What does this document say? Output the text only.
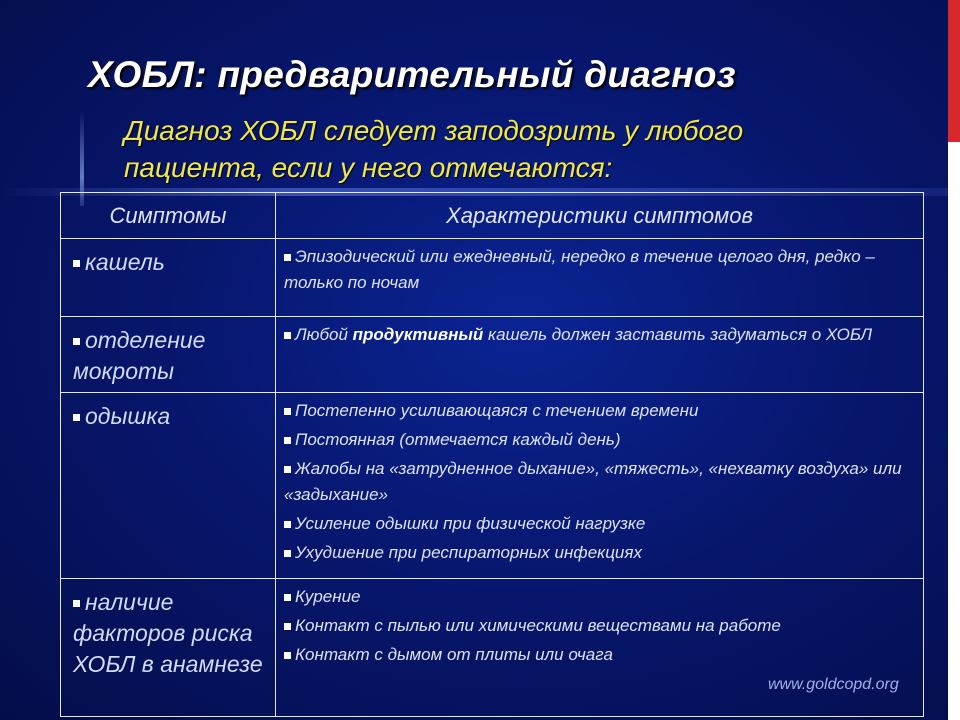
ХОБЛ: предварительный диагноз
Диагноз ХОБЛ следует заподозрить у любого пациента, если у него отмечаются:
Симптомы	Характеристики симптомов
кашель	Эпизодический или ежедневный, нередко в течение целого дня, редко – только по ночам

отделение мокроты	Любой продуктивный кашель должен заставить задуматься о ХОБЛ

одышка	Постепенно усиливающаяся с течением времени
Постоянная (отмечается каждый день)
Жалобы на «затрудненное дыхание», «тяжесть», «нехватку воздуха» или «задыхание»
Усиление одышки при физической нагрузке
Ухудшение при респираторных инфекциях

наличие факторов риска ХОБЛ в анамнезе	Курение
Контакт с пылью или химическими веществами на работе
Контакт с дымом от плиты или очага
www.goldcopd.org
